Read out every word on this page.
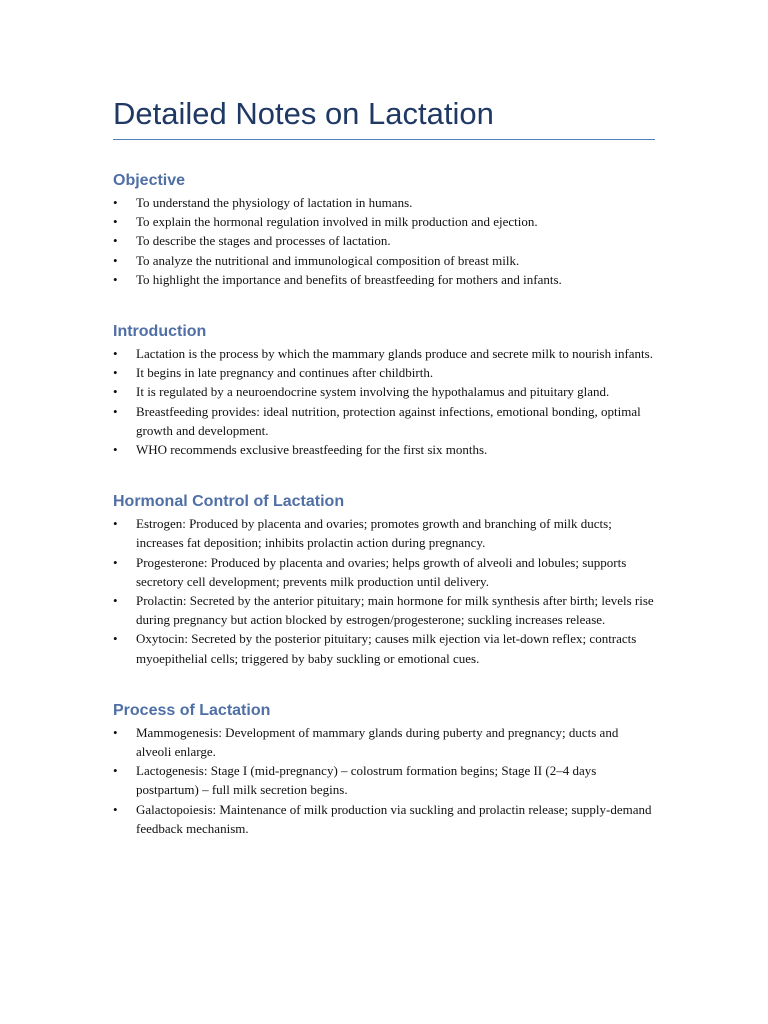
Detailed Notes on Lactation
Objective
• To understand the physiology of lactation in humans.
• To explain the hormonal regulation involved in milk production and ejection.
• To describe the stages and processes of lactation.
• To analyze the nutritional and immunological composition of breast milk.
• To highlight the importance and benefits of breastfeeding for mothers and infants.
Introduction
• Lactation is the process by which the mammary glands produce and secrete milk to nourish infants.
• It begins in late pregnancy and continues after childbirth.
• It is regulated by a neuroendocrine system involving the hypothalamus and pituitary gland.
• Breastfeeding provides: ideal nutrition, protection against infections, emotional bonding, optimal growth and development.
• WHO recommends exclusive breastfeeding for the first six months.
Hormonal Control of Lactation
• Estrogen: Produced by placenta and ovaries; promotes growth and branching of milk ducts; increases fat deposition; inhibits prolactin action during pregnancy.
• Progesterone: Produced by placenta and ovaries; helps growth of alveoli and lobules; supports secretory cell development; prevents milk production until delivery.
• Prolactin: Secreted by the anterior pituitary; main hormone for milk synthesis after birth; levels rise during pregnancy but action blocked by estrogen/progesterone; suckling increases release.
• Oxytocin: Secreted by the posterior pituitary; causes milk ejection via let-down reflex; contracts myoepithelial cells; triggered by baby suckling or emotional cues.
Process of Lactation
• Mammogenesis: Development of mammary glands during puberty and pregnancy; ducts and alveoli enlarge.
• Lactogenesis: Stage I (mid-pregnancy) – colostrum formation begins; Stage II (2–4 days postpartum) – full milk secretion begins.
• Galactopoiesis: Maintenance of milk production via suckling and prolactin release; supply-demand feedback mechanism.
